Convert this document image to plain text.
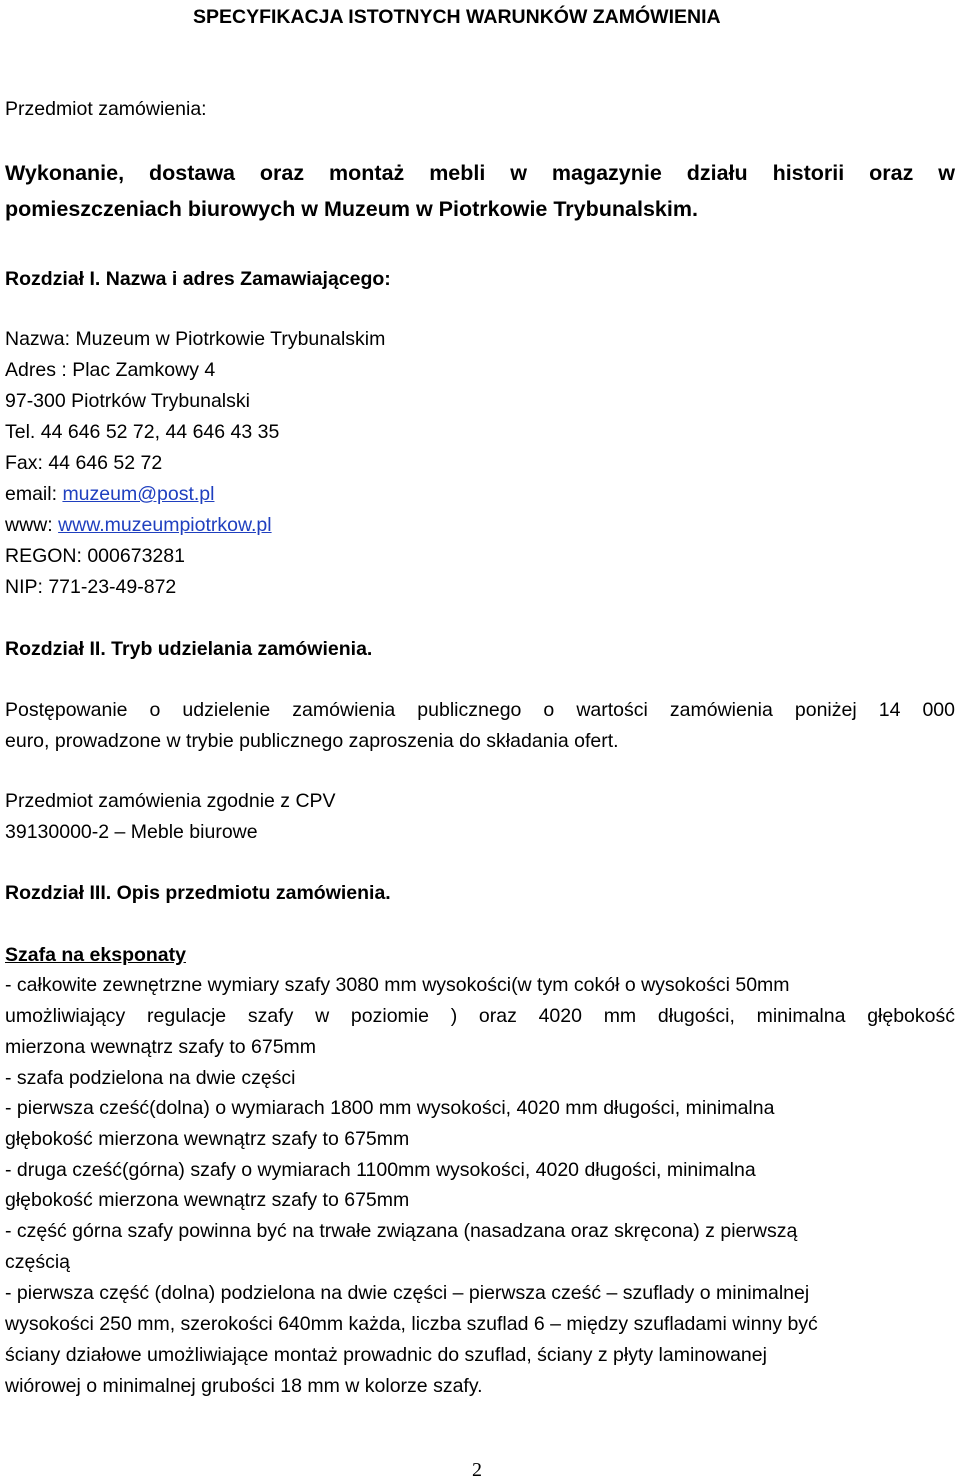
SPECYFIKACJA ISTOTNYCH WARUNKÓW ZAMÓWIENIA

Przedmiot zamówienia:

Wykonanie, dostawa oraz montaż mebli w magazynie działu historii oraz w

pomieszczeniach biurowych w Muzeum w Piotrkowie Trybunalskim.

Rozdział I. Nazwa i adres Zamawiającego:

Nazwa: Muzeum w Piotrkowie Trybunalskim

Adres : Plac Zamkowy 4

97-300 Piotrków Trybunalski

Tel. 44 646 52 72, 44 646 43 35

Fax: 44 646 52 72

email: muzeum@post.pl

www: www.muzeumpiotrkow.pl

REGON: 000673281

NIP: 771-23-49-872

Rozdział II. Tryb udzielania zamówienia.

Postępowanie o udzielenie zamówienia publicznego o wartości zamówienia poniżej 14 000

euro, prowadzone w trybie publicznego zaproszenia do składania ofert.

Przedmiot zamówienia zgodnie z CPV

39130000-2 – Meble biurowe

Rozdział III. Opis przedmiotu zamówienia.

Szafa na eksponaty

- całkowite zewnętrzne wymiary szafy 3080 mm wysokości(w tym cokół o wysokości 50mm

umożliwiający regulacje szafy w poziomie ) oraz 4020 mm długości, minimalna głębokość

mierzona wewnątrz szafy to 675mm

- szafa podzielona na dwie części

- pierwsza cześć(dolna) o wymiarach 1800 mm wysokości, 4020 mm długości, minimalna

głębokość mierzona wewnątrz szafy to 675mm

- druga cześć(górna) szafy o wymiarach 1100mm wysokości, 4020 długości, minimalna

głębokość mierzona wewnątrz szafy to 675mm

- część górna szafy powinna być na trwałe związana (nasadzana oraz skręcona) z pierwszą

częścią

- pierwsza część (dolna) podzielona na dwie części – pierwsza cześć – szuflady o minimalnej

wysokości 250 mm, szerokości 640mm każda, liczba szuflad 6 – między szufladami winny być

ściany działowe umożliwiające montaż prowadnic do szuflad, ściany z płyty laminowanej

wiórowej o minimalnej grubości 18 mm w kolorze szafy.

2
